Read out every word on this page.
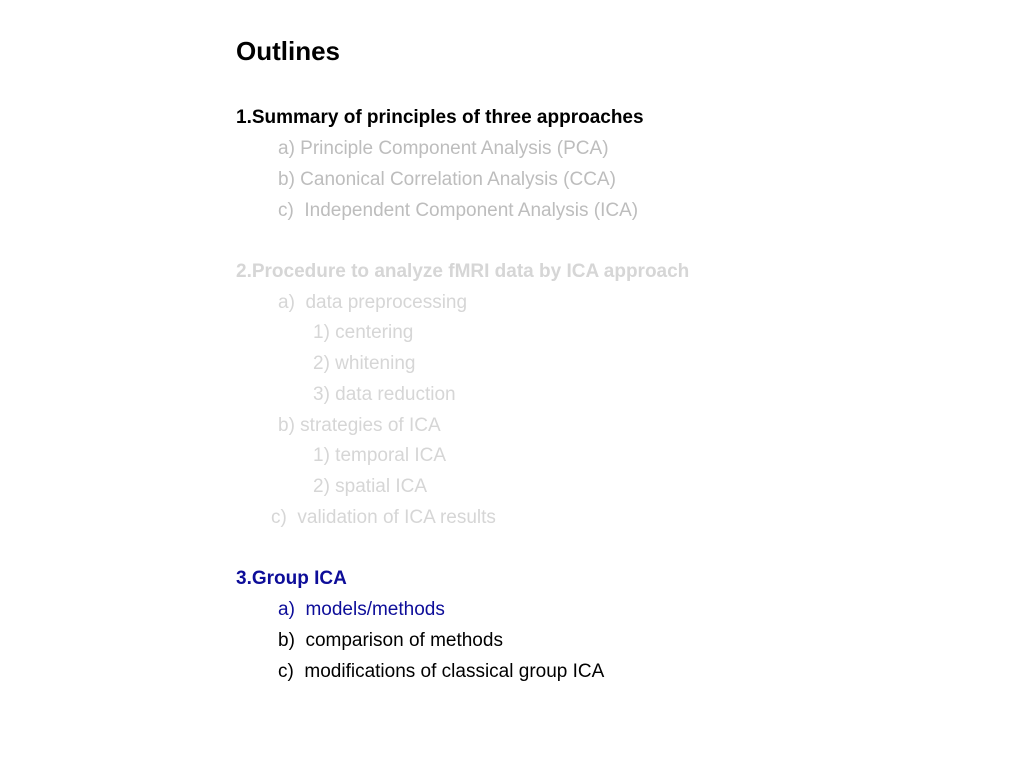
Outlines
1.Summary of principles of three approaches
a) Principle Component Analysis (PCA)
b) Canonical Correlation Analysis (CCA)
c)  Independent Component Analysis (ICA)
2.Procedure to analyze fMRI data by ICA approach
a)  data preprocessing
1) centering
2) whitening
3) data reduction
b) strategies of ICA
1) temporal ICA
2) spatial ICA
c)  validation of ICA results
3.Group ICA
a)  models/methods
b)  comparison of methods
c)  modifications of classical group ICA
